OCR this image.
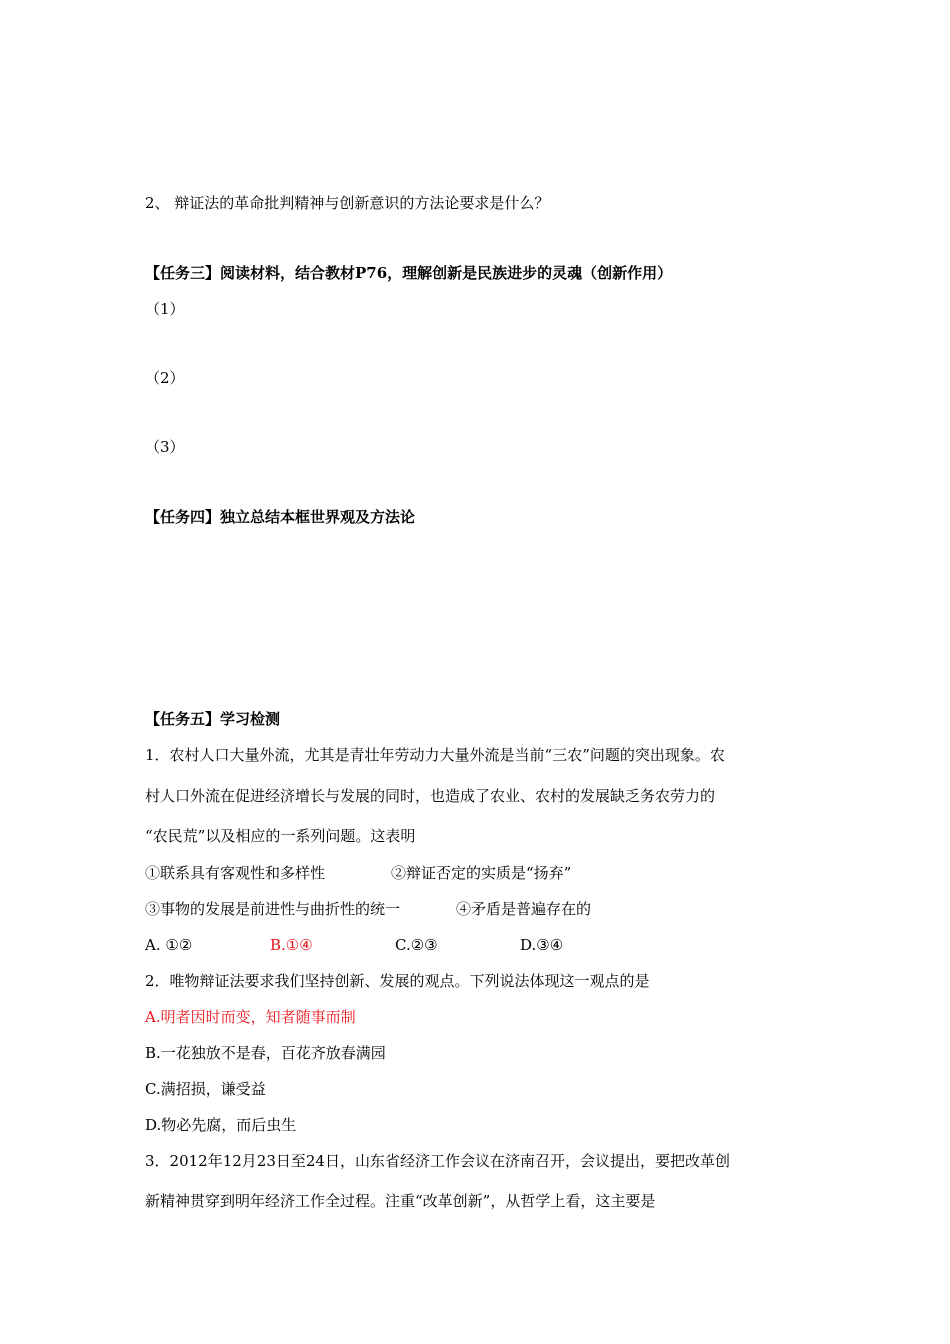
2、 辩证法的革命批判精神与创新意识的方法论要求是什么？
【任务三】阅读材料，结合教材P76，理解创新是民族进步的灵魂（创新作用）
（1）
（2）
（3）
【任务四】独立总结本框世界观及方法论
【任务五】学习检测
1．农村人口大量外流，尤其是青壮年劳动力大量外流是当前“三农”问题的突出现象。农
村人口外流在促进经济增长与发展的同时，也造成了农业、农村的发展缺乏务农劳力的
“农民荒”以及相应的一系列问题。这表明
①联系具有客观性和多样性	②辩证否定的实质是“扬弃”
③事物的发展是前进性与曲折性的统一	④矛盾是普遍存在的
A. ①②	B.①④	C.②③	D.③④
2．唯物辩证法要求我们坚持创新、发展的观点。下列说法体现这一观点的是
A.明者因时而变，知者随事而制
B.一花独放不是春，百花齐放春满园
C.满招损，谦受益
D.物必先腐，而后虫生
3．2012年12月23日至24日，山东省经济工作会议在济南召开，会议提出，要把改革创
新精神贯穿到明年经济工作全过程。注重“改革创新”，从哲学上看，这主要是
